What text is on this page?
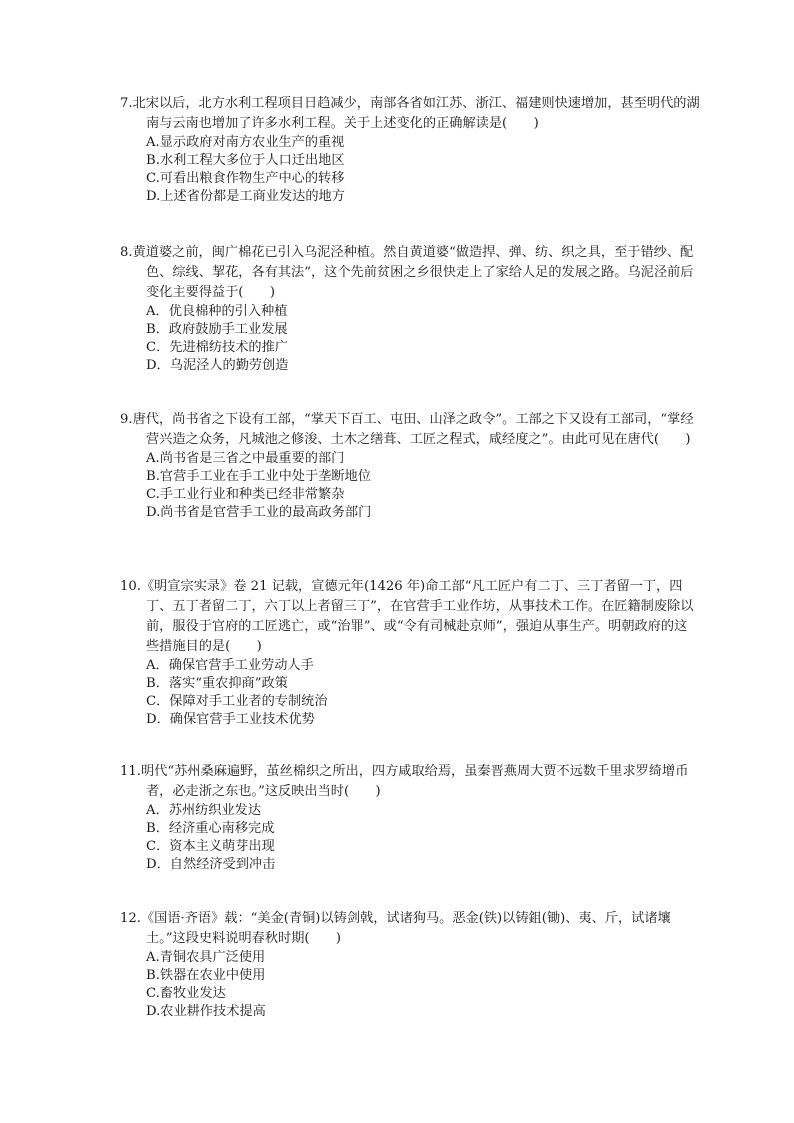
7.北宋以后，北方水利工程项目日趋减少，南部各省如江苏、浙江、福建则快速增加，甚至明代的湖南与云南也增加了许多水利工程。关于上述变化的正确解读是(　　)

A.显示政府对南方农业生产的重视
B.水利工程大多位于人口迁出地区
C.可看出粮食作物生产中心的转移
D.上述省份都是工商业发达的地方

8.黄道婆之前，闽广棉花已引入乌泥泾种植。然自黄道婆“做造捍、弹、纺、织之具，至于错纱、配色、综线、挈花，各有其法”，这个先前贫困之乡很快走上了家给人足的发展之路。乌泥泾前后变化主要得益于(　　)

A．优良棉种的引入种植
B．政府鼓励手工业发展
C．先进棉纺技术的推广
D．乌泥泾人的勤劳创造

9.唐代，尚书省之下设有工部，“掌天下百工、屯田、山泽之政令”。工部之下又设有工部司，“掌经营兴造之众务，凡城池之修浚、土木之缮葺、工匠之程式，咸经度之”。由此可见在唐代(　　)

A.尚书省是三省之中最重要的部门
B.官营手工业在手工业中处于垄断地位
C.手工业行业和种类已经非常繁杂
D.尚书省是官营手工业的最高政务部门

10.《明宣宗实录》卷 21 记载，宣德元年(1426 年)命工部“凡工匠户有二丁、三丁者留一丁，四丁、五丁者留二丁，六丁以上者留三丁”，在官营手工业作坊，从事技术工作。在匠籍制废除以前，服役于官府的工匠逃亡，或“治罪”、或“令有司械赴京师”，强迫从事生产。明朝政府的这些措施目的是(　　)

A．确保官营手工业劳动人手
B．落实“重农抑商”政策
C．保障对手工业者的专制统治
D．确保官营手工业技术优势

11.明代“苏州桑麻遍野，茧丝棉织之所出，四方咸取给焉，虽秦晋燕周大贾不远数千里求罗绮增币者，必走浙之东也。”这反映出当时(　　)

A．苏州纺织业发达
B．经济重心南移完成
C．资本主义萌芽出现
D．自然经济受到冲击

12.《国语·齐语》载：“美金(青铜)以铸剑戟，试诸狗马。恶金(铁)以铸鉏(锄)、夷、斤，试诸壤土。”这段史料说明春秋时期(　　)

A.青铜农具广泛使用
B.铁器在农业中使用
C.畜牧业发达
D.农业耕作技术提高
